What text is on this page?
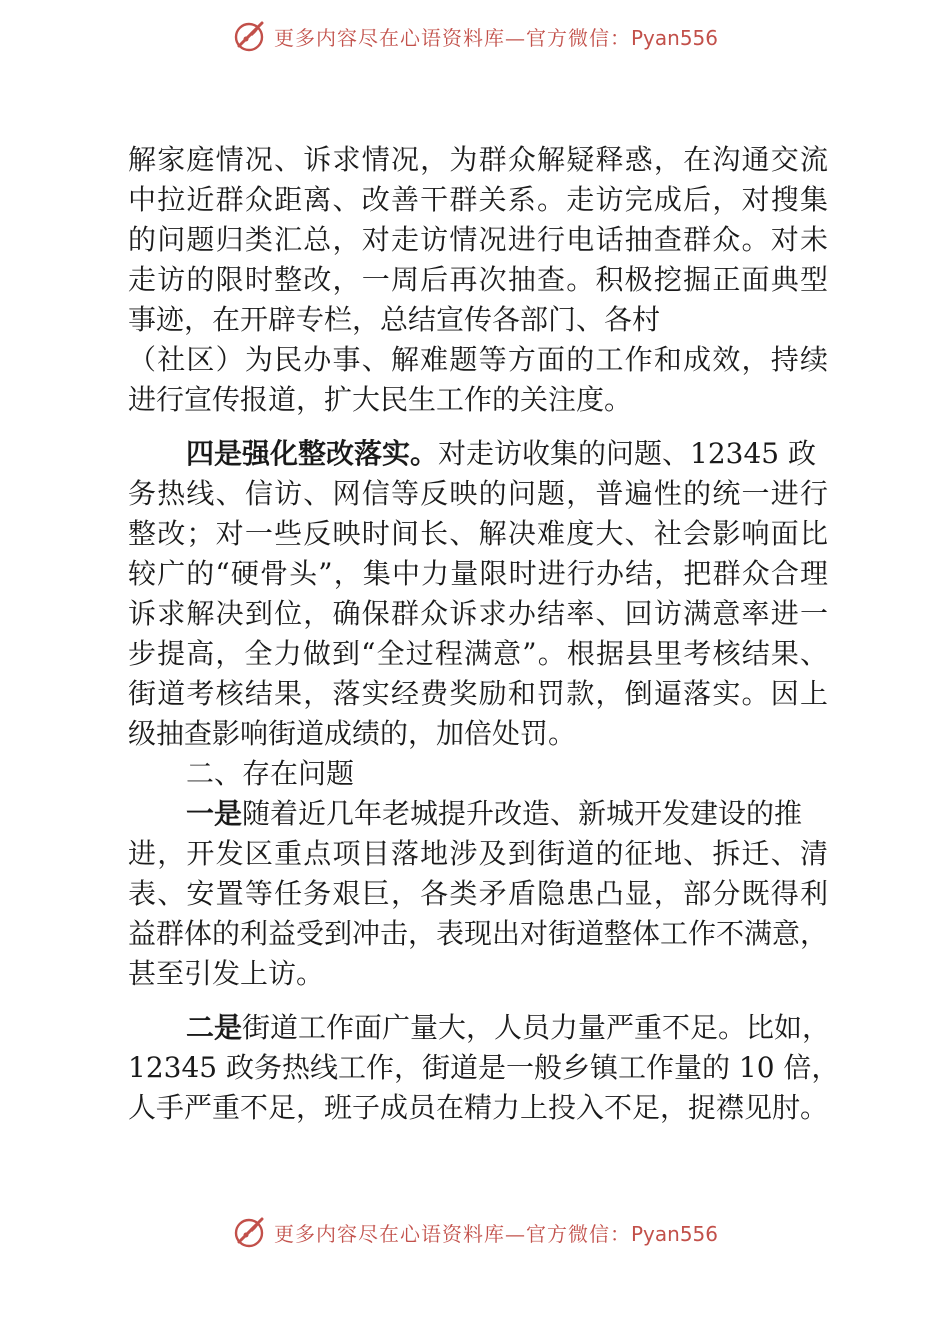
更多内容尽在心语资料库—官方微信：Pyan556
解家庭情况、诉求情况，为群众解疑释惑，在沟通交流
中拉近群众距离、改善干群关系。走访完成后，对搜集
的问题归类汇总，对走访情况进行电话抽查群众。对未
走访的限时整改，一周后再次抽查。积极挖掘正面典型
事迹，在开辟专栏，总结宣传各部门、各村
（社区）为民办事、解难题等方面的工作和成效，持续
进行宣传报道，扩大民生工作的关注度。
四是强化整改落实。对走访收集的问题、12345 政
务热线、信访、网信等反映的问题，普遍性的统一进行
整改；对一些反映时间长、解决难度大、社会影响面比
较广的“硬骨头”，集中力量限时进行办结，把群众合理
诉求解决到位，确保群众诉求办结率、回访满意率进一
步提高，全力做到“全过程满意”。根据县里考核结果、
街道考核结果，落实经费奖励和罚款，倒逼落实。因上
级抽查影响街道成绩的，加倍处罚。
二、存在问题
一是随着近几年老城提升改造、新城开发建设的推
进，开发区重点项目落地涉及到街道的征地、拆迁、清
表、安置等任务艰巨，各类矛盾隐患凸显，部分既得利
益群体的利益受到冲击，表现出对街道整体工作不满意，
甚至引发上访。
二是街道工作面广量大，人员力量严重不足。比如，
12345 政务热线工作，街道是一般乡镇工作量的 10 倍，
人手严重不足，班子成员在精力上投入不足，捉襟见肘。
更多内容尽在心语资料库—官方微信：Pyan556
